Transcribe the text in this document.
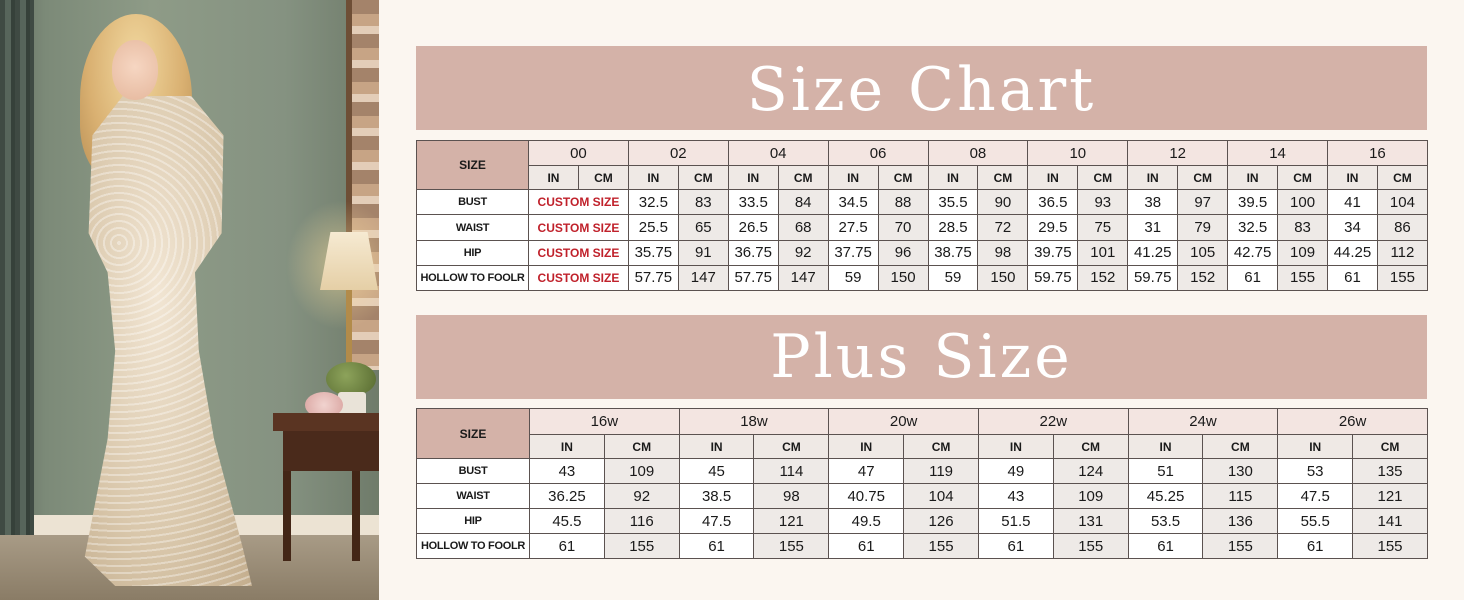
Size Chart
SIZE	00		02		04		06		08		10		12		14		16	
	IN	CM	IN	CM	IN	CM	IN	CM	IN	CM	IN	CM	IN	CM	IN	CM	IN	CM
BUST	CUSTOM SIZE		32.5	83	33.5	84	34.5	88	35.5	90	36.5	93	38	97	39.5	100	41	104
WAIST	CUSTOM SIZE		25.5	65	26.5	68	27.5	70	28.5	72	29.5	75	31	79	32.5	83	34	86
HIP	CUSTOM SIZE		35.75	91	36.75	92	37.75	96	38.75	98	39.75	101	41.25	105	42.75	109	44.25	112
HOLLOW TO FOOLR	CUSTOM SIZE		57.75	147	57.75	147	59	150	59	150	59.75	152	59.75	152	61	155	61	155
Plus Size
SIZE	16w		18w		20w		22w		24w		26w	
	IN	CM	IN	CM	IN	CM	IN	CM	IN	CM	IN	CM
BUST	43	109	45	114	47	119	49	124	51	130	53	135
WAIST	36.25	92	38.5	98	40.75	104	43	109	45.25	115	47.5	121
HIP	45.5	116	47.5	121	49.5	126	51.5	131	53.5	136	55.5	141
HOLLOW TO FOOLR	61	155	61	155	61	155	61	155	61	155	61	155
